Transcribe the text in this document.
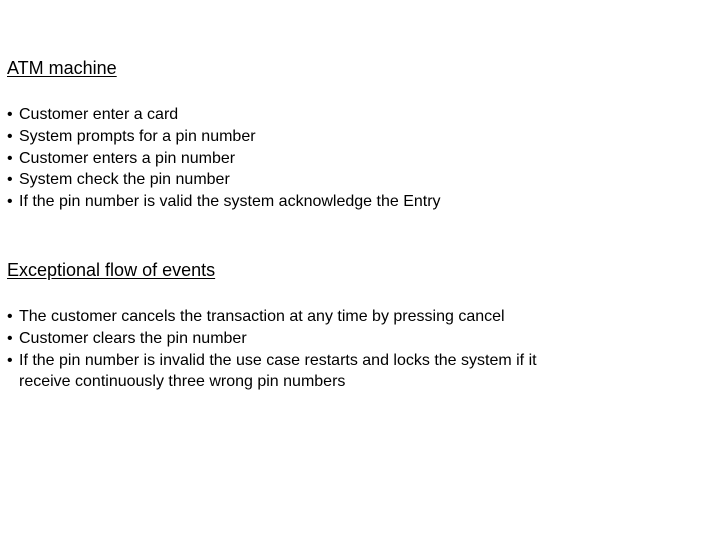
ATM machine
• Customer enter a card
• System prompts for a pin number
• Customer enters a pin number
• System check the pin number
• If the pin number is valid the system acknowledge the Entry
Exceptional flow of events
• The customer cancels the transaction at any time by pressing cancel
• Customer clears the pin number
• If the pin number is invalid the use case restarts and locks the system if it
receive continuously three wrong pin numbers
